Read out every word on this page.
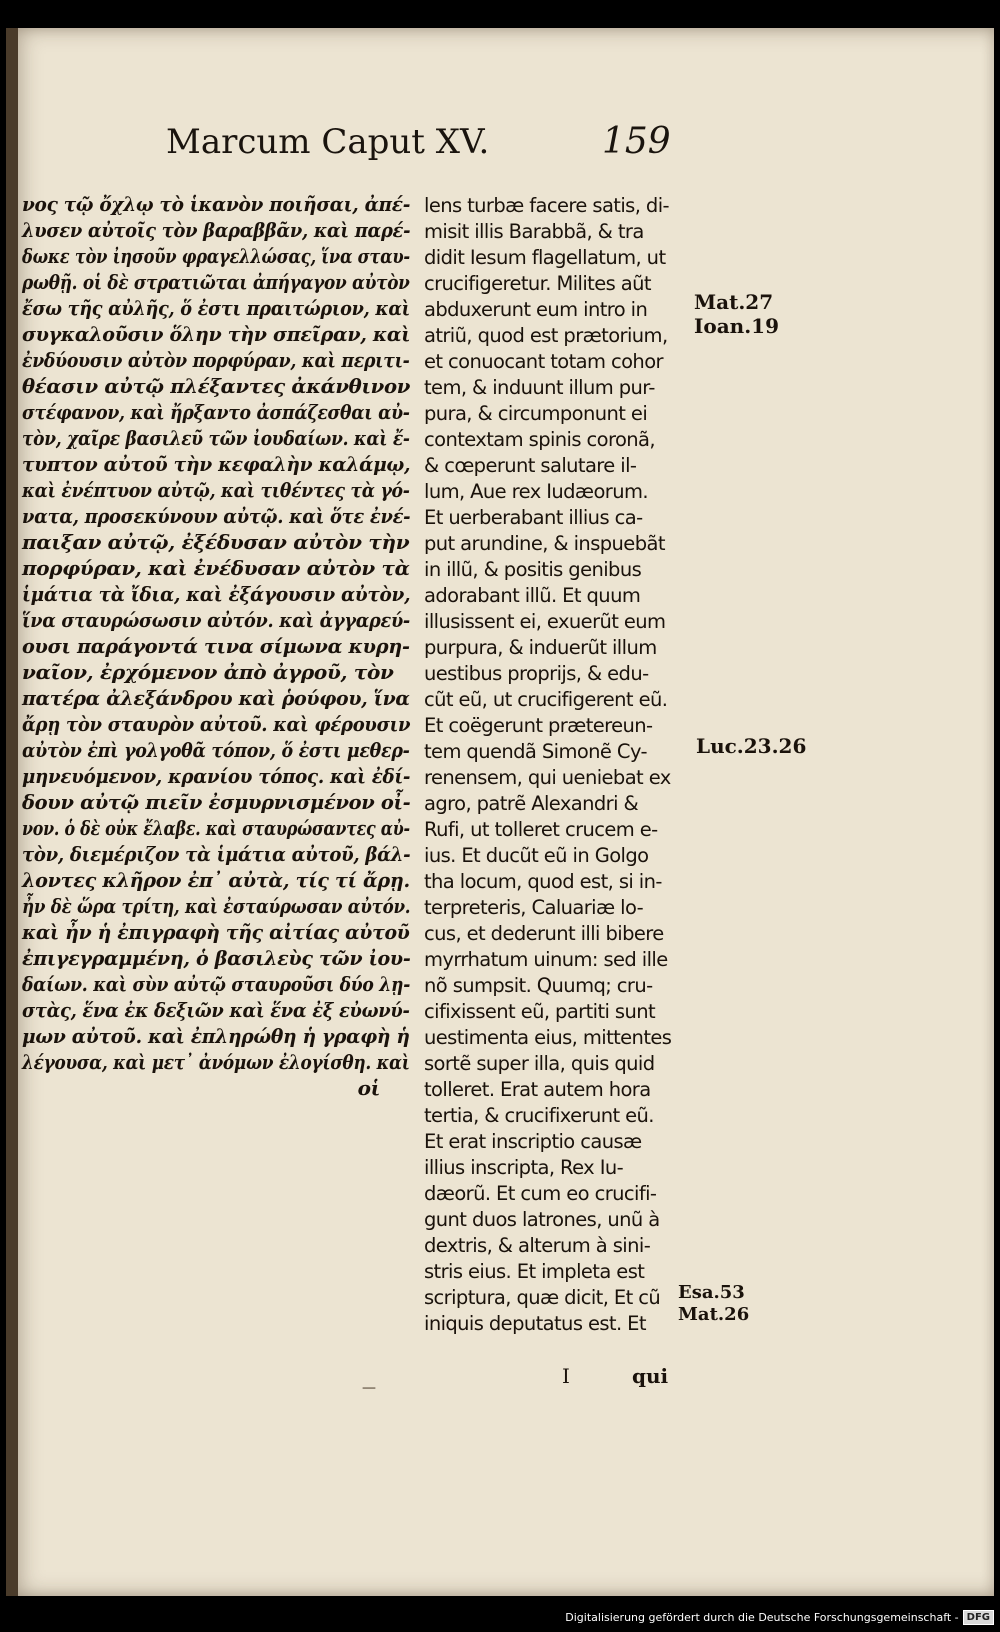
Marcum Caput XV.	159
νος τῷ ὄχλῳ τὸ ἱκανὸν ποιῆσαι, ἀπέ-
λυσεν αὐτοῖς τὸν βαραββᾶν, καὶ παρέ-
δωκε τὸν ἰησοῦν φραγελλώσας, ἵνα σταυ-
ρωθῇ. οἱ δὲ στρατιῶται ἀπήγαγον αὐτὸν
ἔσω τῆς αὐλῆς, ὅ ἐστι πραιτώριον, καὶ
συγκαλοῦσιν ὅλην τὴν σπεῖραν, καὶ
ἐνδύουσιν αὐτὸν πορφύραν, καὶ περιτι-
θέασιν αὐτῷ πλέξαντες ἀκάνθινον
στέφανον, καὶ ἤρξαντο ἀσπάζεσθαι αὐ-
τὸν, χαῖρε βασιλεῦ τῶν ἰουδαίων. καὶ ἔ-
τυπτον αὐτοῦ τὴν κεφαλὴν καλάμῳ,
καὶ ἐνέπτυον αὐτῷ, καὶ τιθέντες τὰ γό-
νατα, προσεκύνουν αὐτῷ. καὶ ὅτε ἐνέ-
παιξαν αὐτῷ, ἐξέδυσαν αὐτὸν τὴν
πορφύραν, καὶ ἐνέδυσαν αὐτὸν τὰ
ἱμάτια τὰ ἴδια, καὶ ἐξάγουσιν αὐτὸν,
ἵνα σταυρώσωσιν αὐτόν. καὶ ἀγγαρεύ-
ουσι παράγοντά τινα σίμωνα κυρη-
ναῖον, ἐρχόμενον ἀπὸ ἀγροῦ, τὸν
πατέρα ἀλεξάνδρου καὶ ῥούφου, ἵνα
ἄρῃ τὸν σταυρὸν αὐτοῦ. καὶ φέρουσιν
αὐτὸν ἐπὶ γολγοθᾶ τόπον, ὅ ἐστι μεθερ-
μηνευόμενον, κρανίου τόπος. καὶ ἐδί-
δουν αὐτῷ πιεῖν ἐσμυρνισμένον οἶ-
νον. ὁ δὲ οὐκ ἔλαβε. καὶ σταυρώσαντες αὐ-
τὸν, διεμέριζον τὰ ἱμάτια αὐτοῦ, βάλ-
λοντες κλῆρον ἐπ᾽ αὐτὰ, τίς τί ἄρῃ.
ἦν δὲ ὥρα τρίτη, καὶ ἐσταύρωσαν αὐτόν.
καὶ ἦν ἡ ἐπιγραφὴ τῆς αἰτίας αὐτοῦ
ἐπιγεγραμμένη, ὁ βασιλεὺς τῶν ἰου-
δαίων. καὶ σὺν αὐτῷ σταυροῦσι δύο λῃ-
στὰς, ἕνα ἐκ δεξιῶν καὶ ἕνα ἐξ εὐωνύ-
μων αὐτοῦ. καὶ ἐπληρώθη ἡ γραφὴ ἡ
λέγουσα, καὶ μετ᾽ ἀνόμων ἐλογίσθη. καὶ
οἱ
—
lens turbæ facere satis, di-
misit illis Barabbã, & tra
didit Iesum flagellatum, ut
crucifigeretur. Milites aũt
abduxerunt eum intro in
atriũ, quod est prætorium,
et conuocant totam cohor
tem, & induunt illum pur-
pura, & circumponunt ei
contextam spinis coronã,
& cœperunt salutare il-
lum, Aue rex Iudæorum.
Et uerberabant illius ca-
put arundine, & inspuebãt
in illũ, & positis genibus
adorabant illũ. Et quum
illusissent ei, exuerũt eum
purpura, & induerũt illum
uestibus proprijs, & edu-
cũt eũ, ut crucifigerent eũ.
Et coëgerunt prætereun-
tem quendã Simonẽ Cy-
renensem, qui ueniebat ex
agro, patrẽ Alexandri &
Rufi, ut tolleret crucem e-
ius. Et ducũt eũ in Golgo
tha locum, quod est, si in-
terpreteris, Caluariæ lo-
cus, et dederunt illi bibere
myrrhatum uinum: sed ille
nõ sumpsit. Quumq; cru-
cifixissent eũ, partiti sunt
uestimenta eius, mittentes
sortẽ super illa, quis quid
tolleret. Erat autem hora
tertia, & crucifixerunt eũ.
Et erat inscriptio causæ
illius inscripta, Rex Iu-
dæorũ. Et cum eo crucifi-
gunt duos latrones, unũ à
dextris, & alterum à sini-
stris eius. Et impleta est
scriptura, quæ dicit, Et cũ
iniquis deputatus est. Et
Mat.27
Ioan.19
Luc.23.26
Esa.53
Mat.26
I	qui
Digitalisierung gefördert durch die Deutsche Forschungsgemeinschaft - DFG
